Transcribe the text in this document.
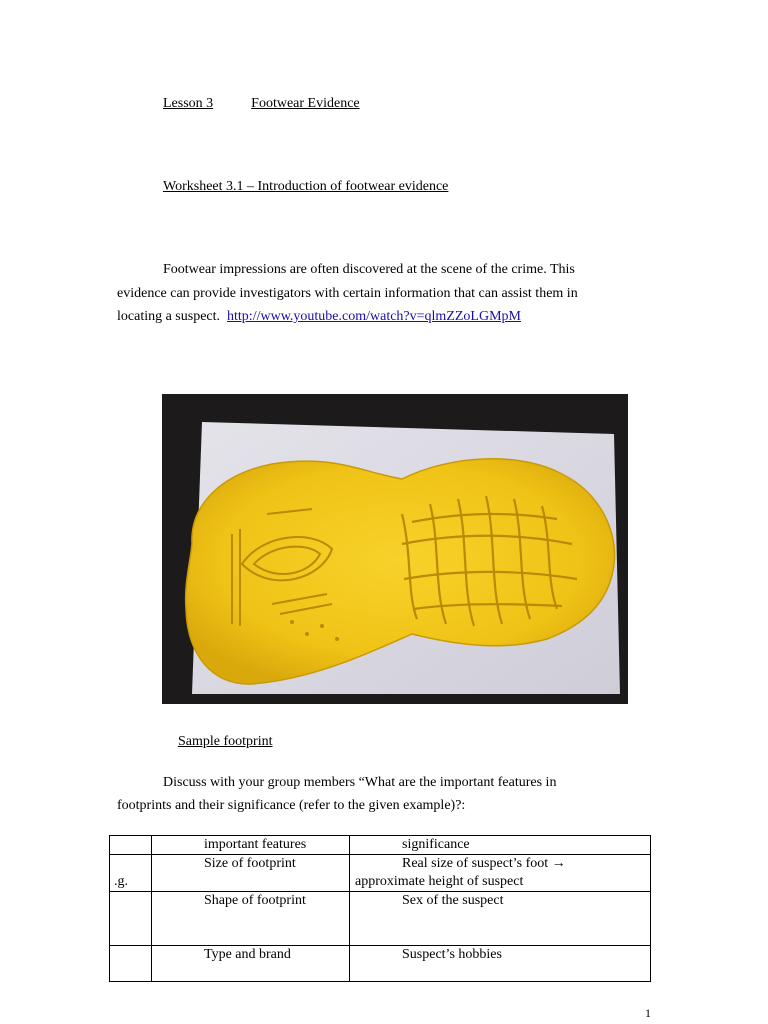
Lesson 3	Footwear Evidence
Worksheet 3.1 – Introduction of footwear evidence
Footwear impressions are often discovered at the scene of the crime. This
evidence can provide investigators with certain information that can assist them in
locating a suspect. http://www.youtube.com/watch?v=qlmZZoLGMpM
Sample footprint
Discuss with your group members “What are the important features in
footprints and their significance (refer to the given example)?:

	important features	significance

.g.	Size of footprint	Real size of suspect’s foot →
approximate height of suspect

	Shape of footprint	Sex of the suspect

	Type and brand	Suspect’s hobbies
1
